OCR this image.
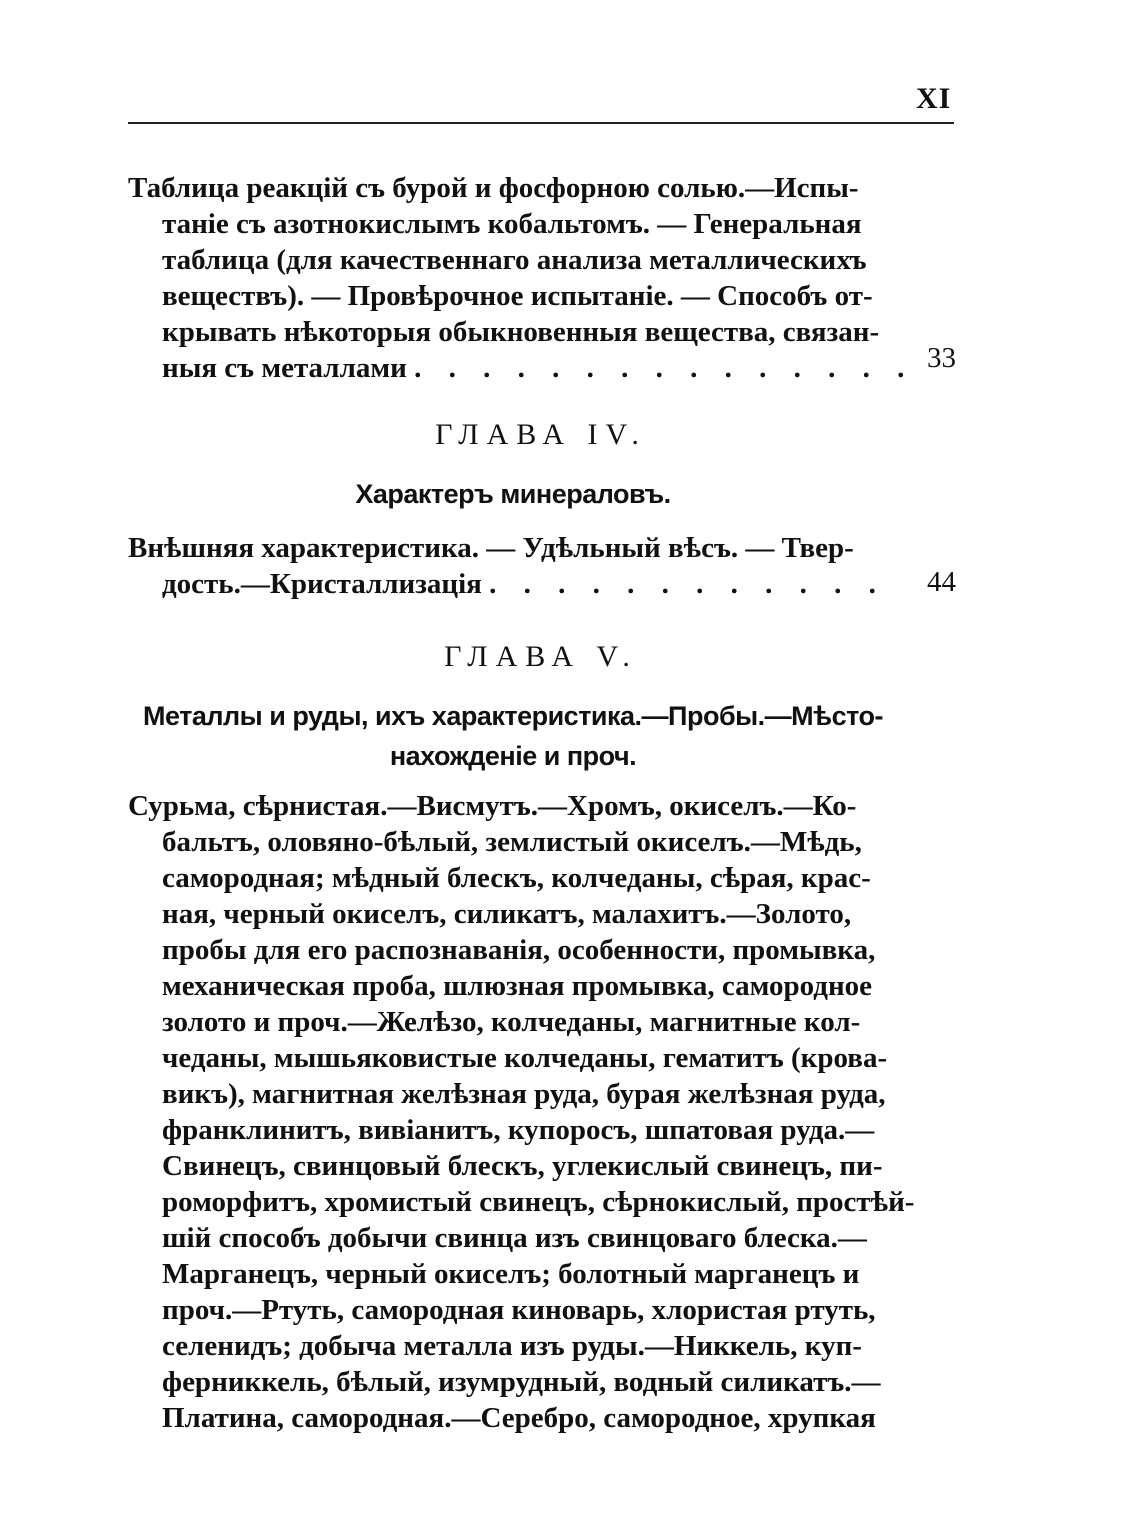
XI
Таблица реакцій съ бурой и фосфорною солью.—Испы-
таніе съ азотнокислымъ кобальтомъ. — Генеральная
таблица (для качественнаго анализа металлическихъ
веществъ). — Провѣрочное испытаніе. — Способъ от-
крывать нѣкоторыя обыкновенныя вещества, связан-
ныя съ металлами . . . . . . . . . . . . . . . 33
ГЛАВА IV.
Характеръ минераловъ.
Внѣшняя характеристика. — Удѣльный вѣсъ. — Твер-
дость.—Кристаллизація . . . . . . . . . . . .	44
ГЛАВА V.
Металлы и руды, ихъ характеристика.—Пробы.—Мѣсто-
нахожденіе и проч.
Сурьма, сѣрнистая.—Висмутъ.—Хромъ, окиселъ.—Ко-
бальтъ, оловяно-бѣлый, землистый окиселъ.—Мѣдь,
самородная; мѣдный блескъ, колчеданы, сѣрая, крас-
ная, черный окиселъ, силикатъ, малахитъ.—Золото,
пробы для его распознаванія, особенности, промывка,
механическая проба, шлюзная промывка, самородное
золото и проч.—Желѣзо, колчеданы, магнитные кол-
чеданы, мышьяковистые колчеданы, гематитъ (крова-
викъ), магнитная желѣзная руда, бурая желѣзная руда,
франклинитъ, вивіанитъ, купоросъ, шпатовая руда.—
Свинецъ, свинцовый блескъ, углекислый свинецъ, пи-
роморфитъ, хромистый свинецъ, сѣрнокислый, простѣй-
шій способъ добычи свинца изъ свинцоваго блеска.—
Марганецъ, черный окиселъ; болотный марганецъ и
проч.—Ртуть, самородная киноварь, хлористая ртуть,
селенидъ; добыча металла изъ руды.—Никкель, куп-
ферниккель, бѣлый, изумрудный, водный силикатъ.—
Платина, самородная.—Серебро, самородное, хрупкая
